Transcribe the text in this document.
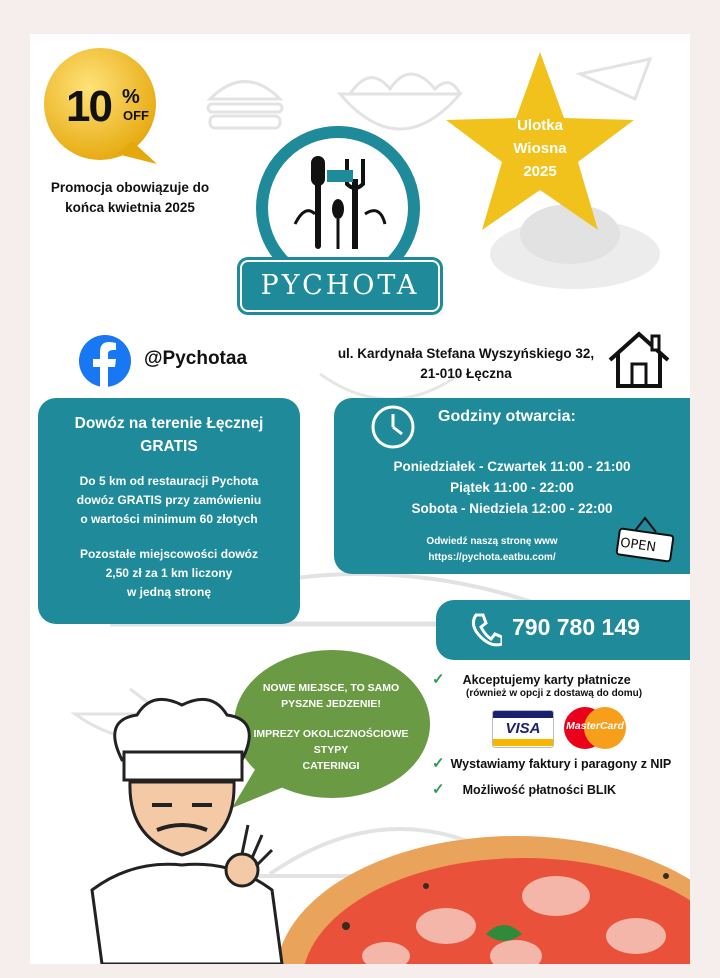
10 %
OFF
Promocja obowiązuje do
końca kwietnia 2025
PYCHOTA
Ulotka
Wiosna
2025
@Pychotaa	ul. Kardynała Stefana Wyszyńskiego 32,
21-010 Łęczna
Dowóz na terenie Łęcznej
GRATIS
Do 5 km od restauracji Pychota
dowóz GRATIS przy zamówieniu
o wartości minimum 60 złotych
Pozostałe miejscowości dowóz
2,50 zł za 1 km liczony
w jedną stronę
Godziny otwarcia:
Poniedziałek - Czwartek 11:00 - 21:00
Piątek 11:00 - 22:00
Sobota - Niedziela 12:00 - 22:00
Odwiedź naszą stronę www
https://pychota.eatbu.com/
OPEN
790 780 149
NOWE MIEJSCE, TO SAMO
PYSZNE JEDZENIE!
IMPREZY OKOLICZNOŚCIOWE
STYPY
CATERINGI
✓ Akceptujemy karty płatnicze
(również w opcji z dostawą do domu)
VISA	MasterCard
✓ Wystawiamy faktury i paragony z NIP
✓ Możliwość płatności BLIK
